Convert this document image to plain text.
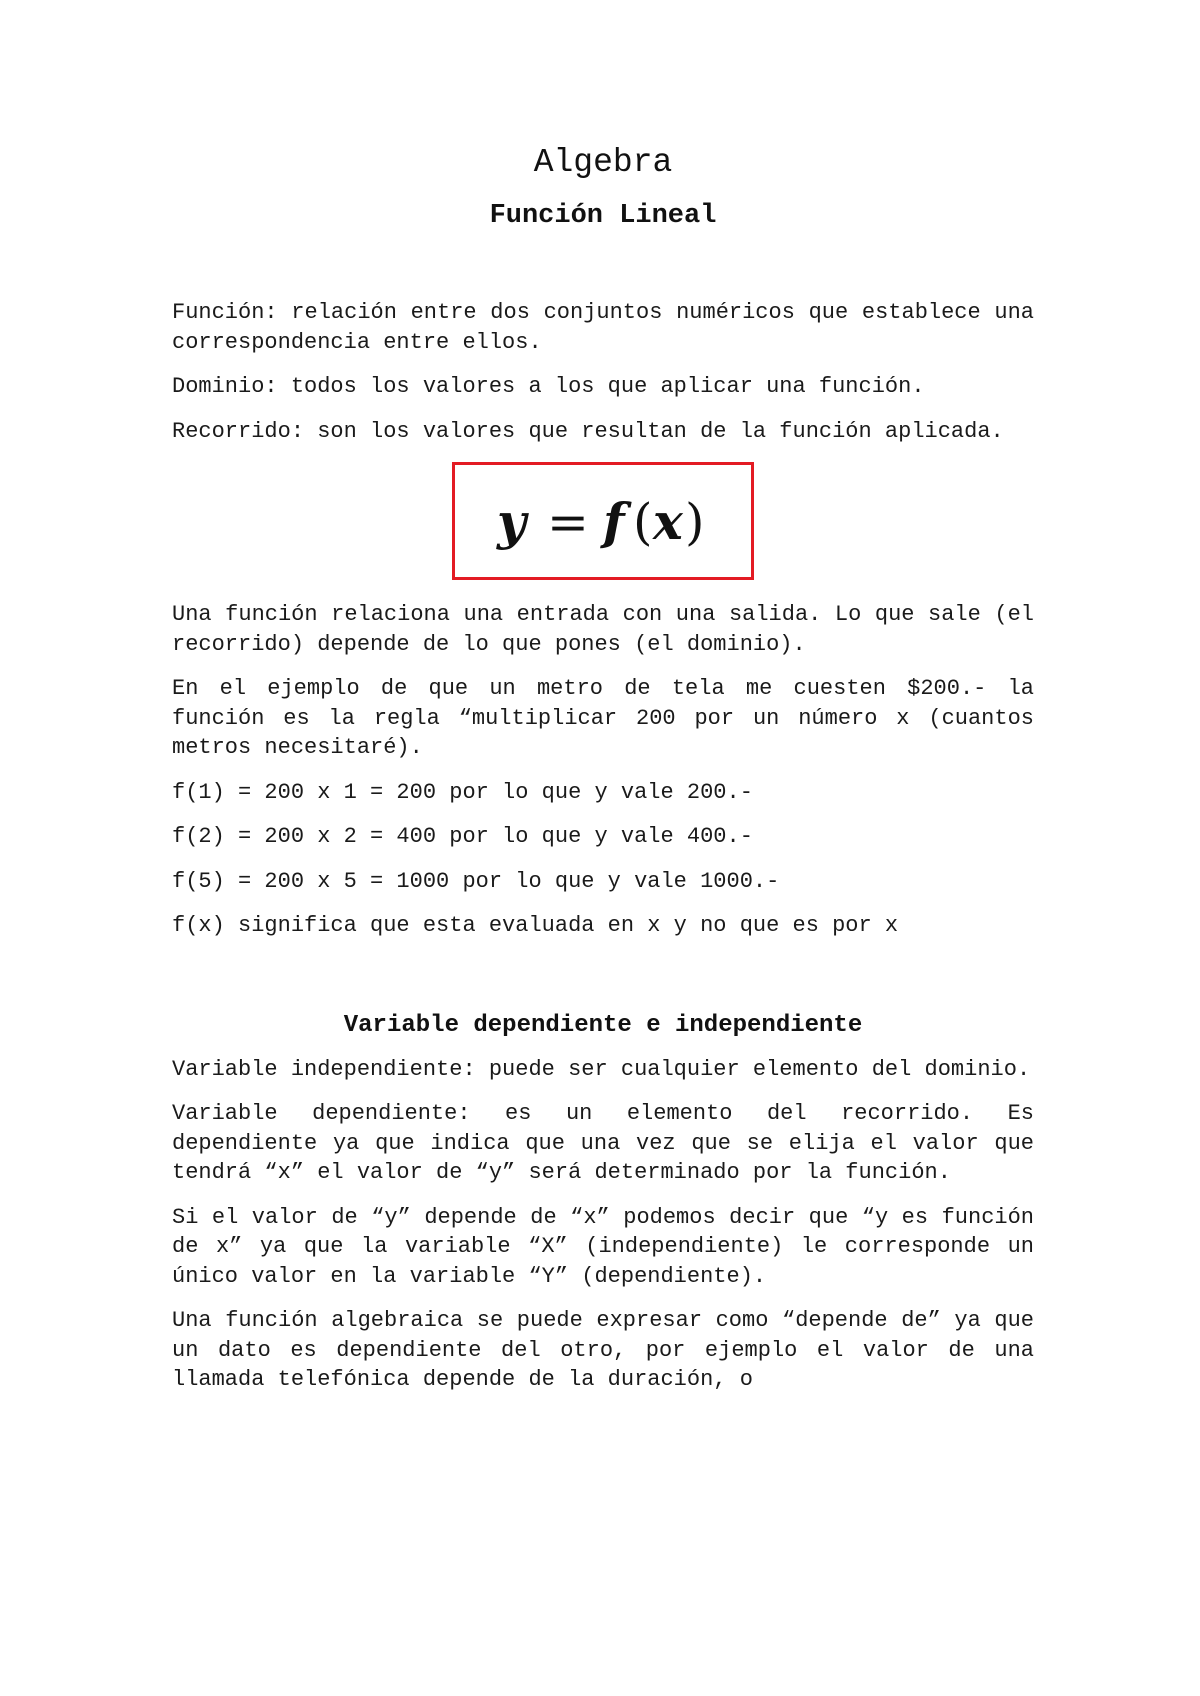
Algebra
Función Lineal

Función: relación entre dos conjuntos numéricos que establece una correspondencia entre ellos.

Dominio: todos los valores a los que aplicar una función.

Recorrido: son los valores que resultan de la función aplicada.

y = f ( x )

Una función relaciona una entrada con una salida. Lo que sale (el recorrido) depende de lo que pones (el dominio).

En el ejemplo de que un metro de tela me cuesten $200.- la función es la regla “multiplicar 200 por un número x (cuantos metros necesitaré).

f(1) = 200 x 1 = 200 por lo que y vale 200.-

f(2) = 200 x 2 = 400 por lo que y vale 400.-

f(5) = 200 x 5 = 1000 por lo que y vale 1000.-

f(x) significa que esta evaluada en x y no que es por x

Variable dependiente e independiente

Variable independiente: puede ser cualquier elemento del dominio.

Variable dependiente: es un elemento del recorrido. Es dependiente ya que indica que una vez que se elija el valor que tendrá “x” el valor de “y” será determinado por la función.

Si el valor de “y” depende de “x” podemos decir que “y es función de x” ya que la variable “X” (independiente) le corresponde un único valor en la variable “Y” (dependiente).

Una función algebraica se puede expresar como “depende de” ya que un dato es dependiente del otro, por ejemplo el valor de una llamada telefónica depende de la duración, o
